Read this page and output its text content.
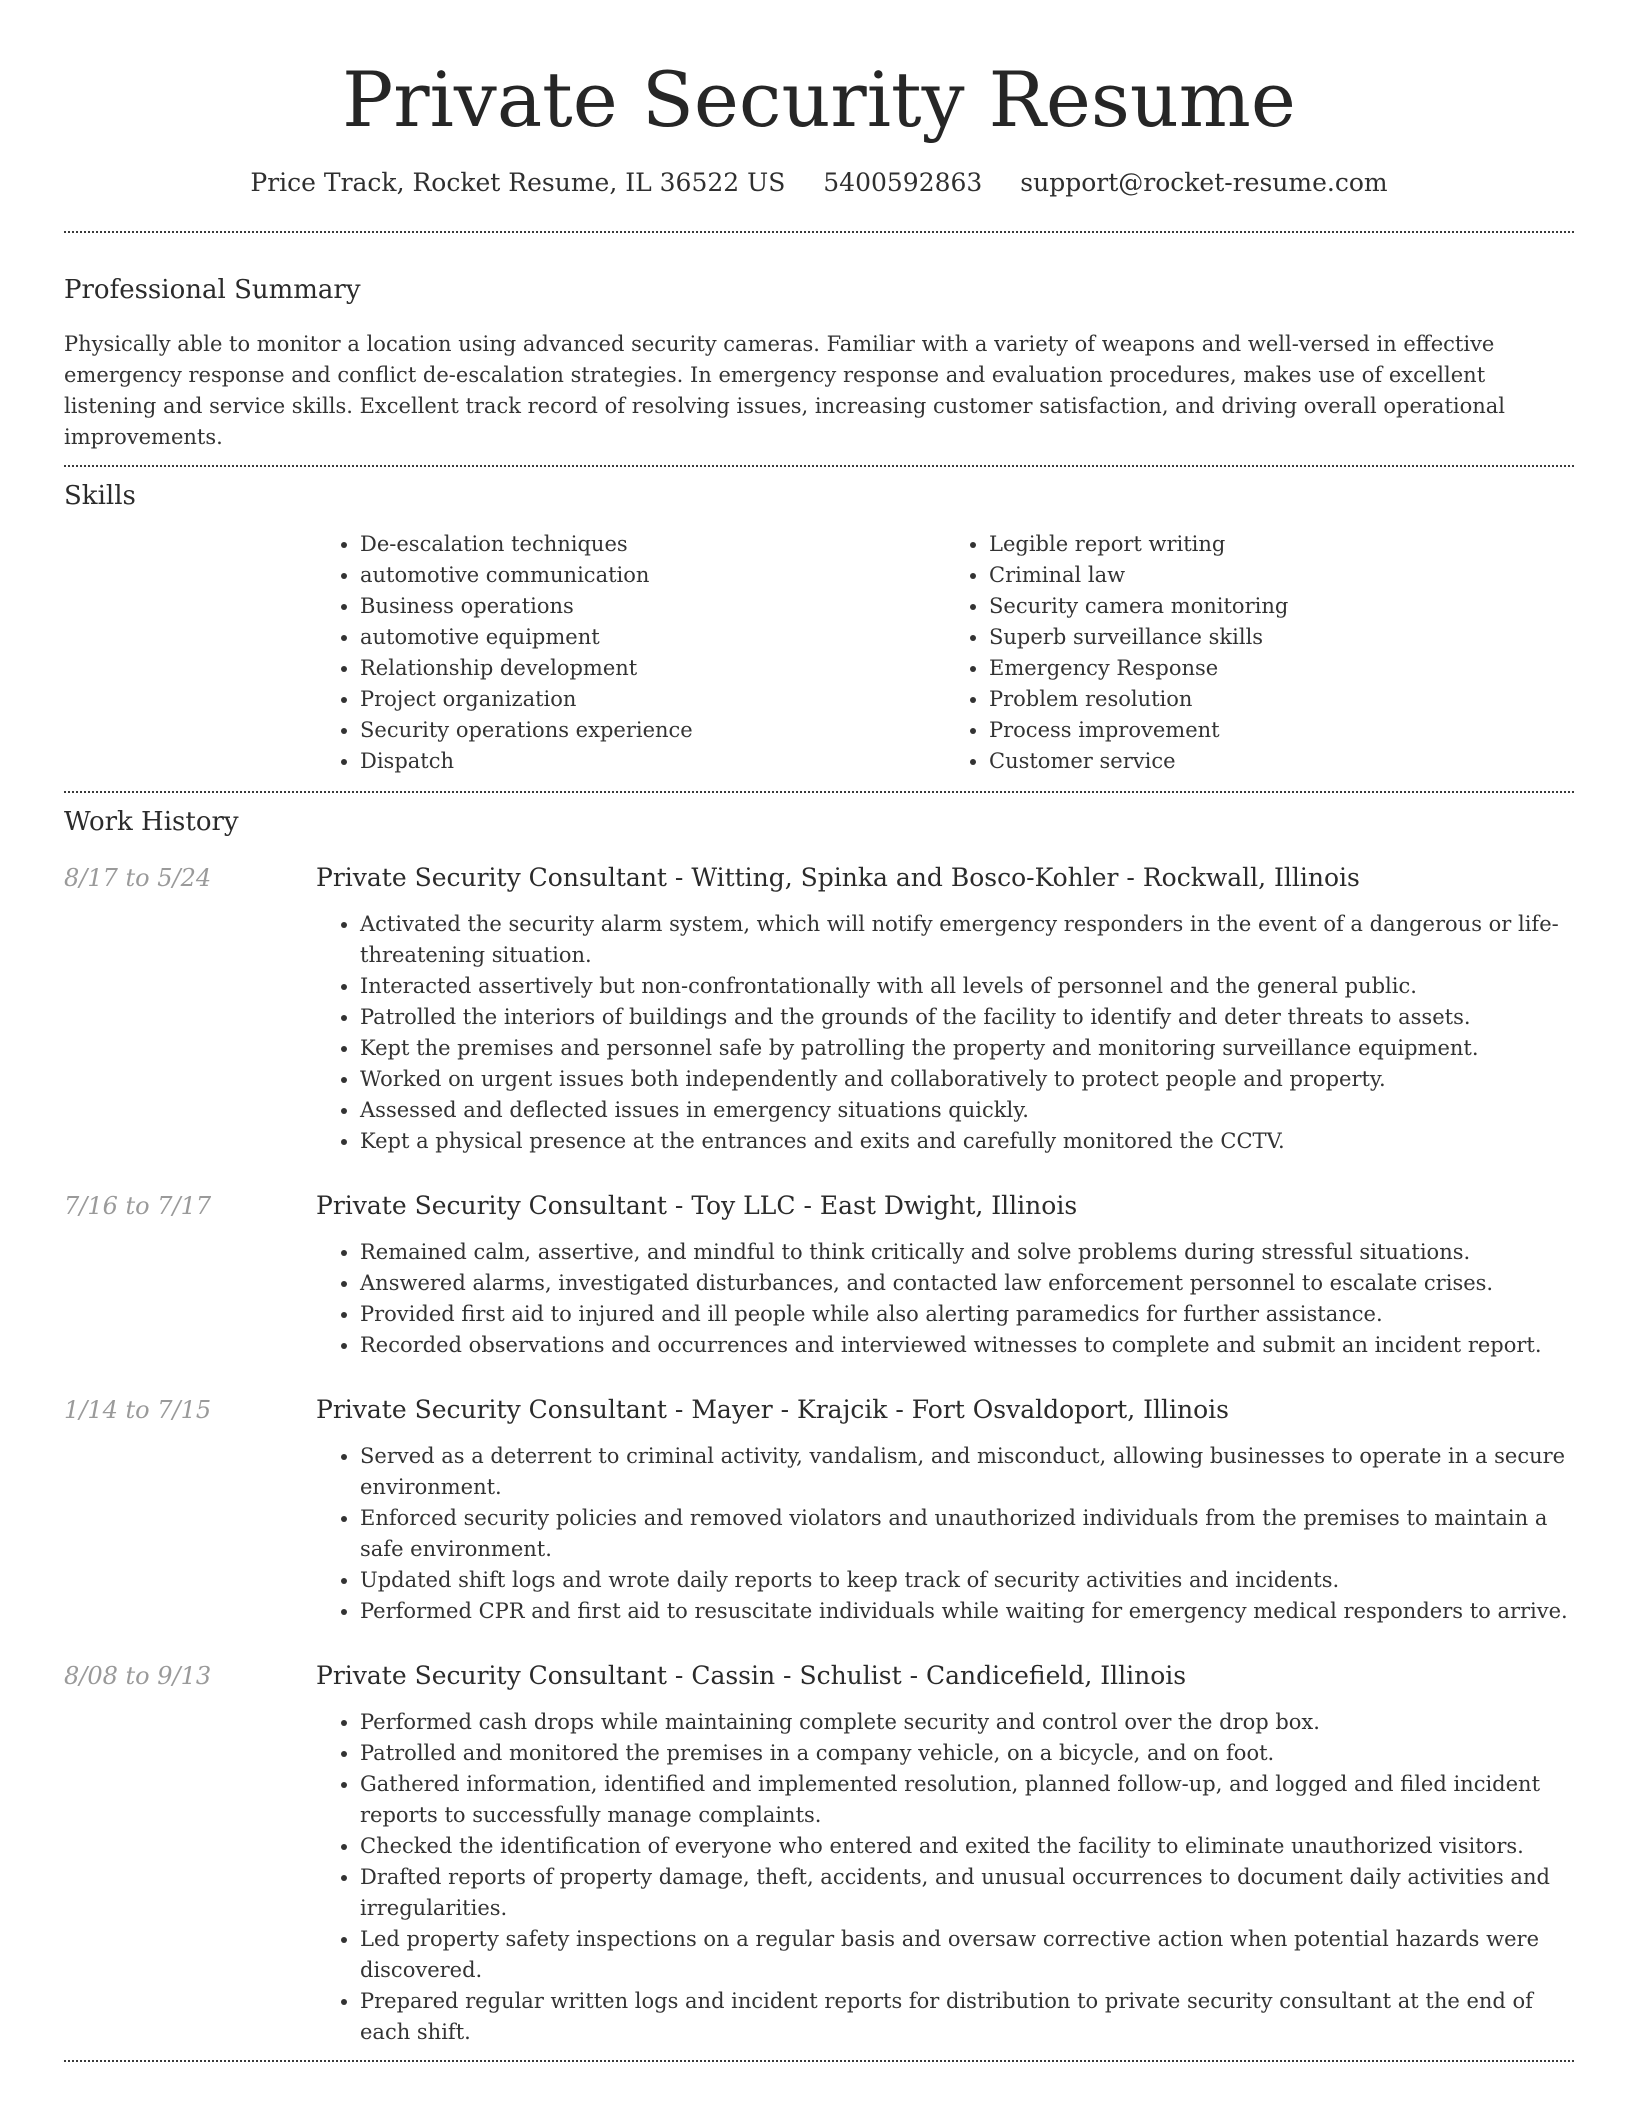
Private Security Resume
Price Track, Rocket Resume, IL 36522 US 5400592863 support@rocket-resume.com
Professional Summary

Physically able to monitor a location using advanced security cameras. Familiar with a variety of weapons and well-versed in effective emergency response and conflict de-escalation strategies. In emergency response and evaluation procedures, makes use of excellent listening and service skills. Excellent track record of resolving issues, increasing customer satisfaction, and driving overall operational improvements.

Skills
• De-escalation techniques
• automotive communication
• Business operations
• automotive equipment
• Relationship development
• Project organization
• Security operations experience
• Dispatch
• Legible report writing
• Criminal law
• Security camera monitoring
• Superb surveillance skills
• Emergency Response
• Problem resolution
• Process improvement
• Customer service
Work History
8/17 to 5/24	Private Security Consultant - Witting, Spinka and Bosco-Kohler - Rockwall, Illinois
• Activated the security alarm system, which will notify emergency responders in the event of a dangerous or life-threatening situation.
• Interacted assertively but non-confrontationally with all levels of personnel and the general public.
• Patrolled the interiors of buildings and the grounds of the facility to identify and deter threats to assets.
• Kept the premises and personnel safe by patrolling the property and monitoring surveillance equipment.
• Worked on urgent issues both independently and collaboratively to protect people and property.
• Assessed and deflected issues in emergency situations quickly.
• Kept a physical presence at the entrances and exits and carefully monitored the CCTV.
7/16 to 7/17	Private Security Consultant - Toy LLC - East Dwight, Illinois
• Remained calm, assertive, and mindful to think critically and solve problems during stressful situations.
• Answered alarms, investigated disturbances, and contacted law enforcement personnel to escalate crises.
• Provided first aid to injured and ill people while also alerting paramedics for further assistance.
• Recorded observations and occurrences and interviewed witnesses to complete and submit an incident report.
1/14 to 7/15	Private Security Consultant - Mayer - Krajcik - Fort Osvaldoport, Illinois
• Served as a deterrent to criminal activity, vandalism, and misconduct, allowing businesses to operate in a secure environment.
• Enforced security policies and removed violators and unauthorized individuals from the premises to maintain a safe environment.
• Updated shift logs and wrote daily reports to keep track of security activities and incidents.
• Performed CPR and first aid to resuscitate individuals while waiting for emergency medical responders to arrive.
8/08 to 9/13	Private Security Consultant - Cassin - Schulist - Candicefield, Illinois
• Performed cash drops while maintaining complete security and control over the drop box.
• Patrolled and monitored the premises in a company vehicle, on a bicycle, and on foot.
• Gathered information, identified and implemented resolution, planned follow-up, and logged and filed incident reports to successfully manage complaints.
• Checked the identification of everyone who entered and exited the facility to eliminate unauthorized visitors.
• Drafted reports of property damage, theft, accidents, and unusual occurrences to document daily activities and irregularities.
• Led property safety inspections on a regular basis and oversaw corrective action when potential hazards were discovered.
• Prepared regular written logs and incident reports for distribution to private security consultant at the end of each shift.
